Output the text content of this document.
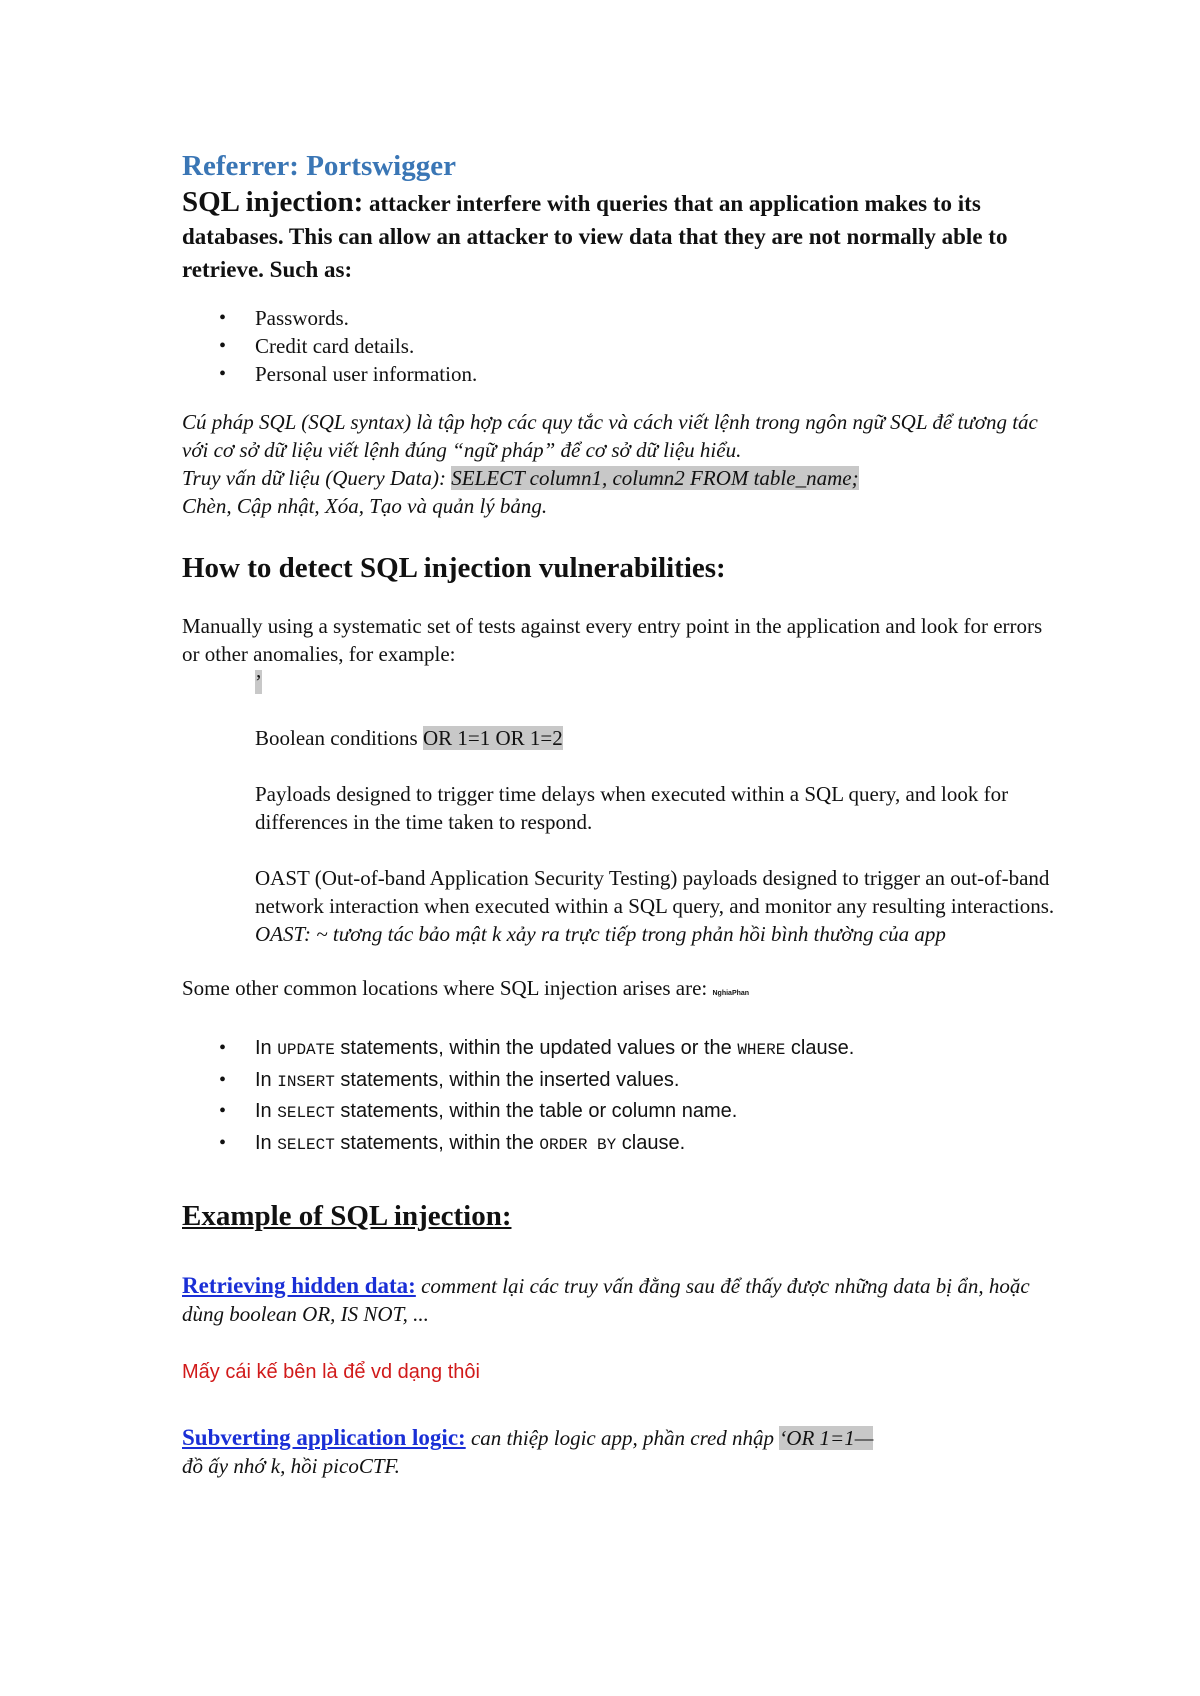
Referrer: Portswigger

SQL injection: attacker interfere with queries that an application makes to its databases. This can allow an attacker to view data that they are not normally able to retrieve. Such as:

• Passwords.
• Credit card details.
• Personal user information.

Cú pháp SQL (SQL syntax) là tập hợp các quy tắc và cách viết lệnh trong ngôn ngữ SQL để tương tác với cơ sở dữ liệu viết lệnh đúng “ngữ pháp” để cơ sở dữ liệu hiểu.
Truy vấn dữ liệu (Query Data): SELECT column1, column2 FROM table_name;
Chèn, Cập nhật, Xóa, Tạo và quản lý bảng.

How to detect SQL injection vulnerabilities:

Manually using a systematic set of tests against every entry point in the application and look for errors or other anomalies, for example:

’

Boolean conditions OR 1=1 OR 1=2

Payloads designed to trigger time delays when executed within a SQL query, and look for differences in the time taken to respond.

OAST (Out-of-band Application Security Testing) payloads designed to trigger an out-of-band network interaction when executed within a SQL query, and monitor any resulting interactions.

OAST: ~ tương tác bảo mật k xảy ra trực tiếp trong phản hồi bình thường của app

Some other common locations where SQL injection arises are: NghiaPhan

• In UPDATE statements, within the updated values or the WHERE clause.
• In INSERT statements, within the inserted values.
• In SELECT statements, within the table or column name.
• In SELECT statements, within the ORDER BY clause.
Example of SQL injection:

Retrieving hidden data: comment lại các truy vấn đằng sau để thấy được những data bị ẩn, hoặc dùng boolean OR, IS NOT, ...

Mấy cái kế bên là để vd dạng thôi

Subverting application logic: can thiệp logic app, phần cred nhập ‘OR 1=1—
đồ ấy nhớ k, hồi picoCTF.
